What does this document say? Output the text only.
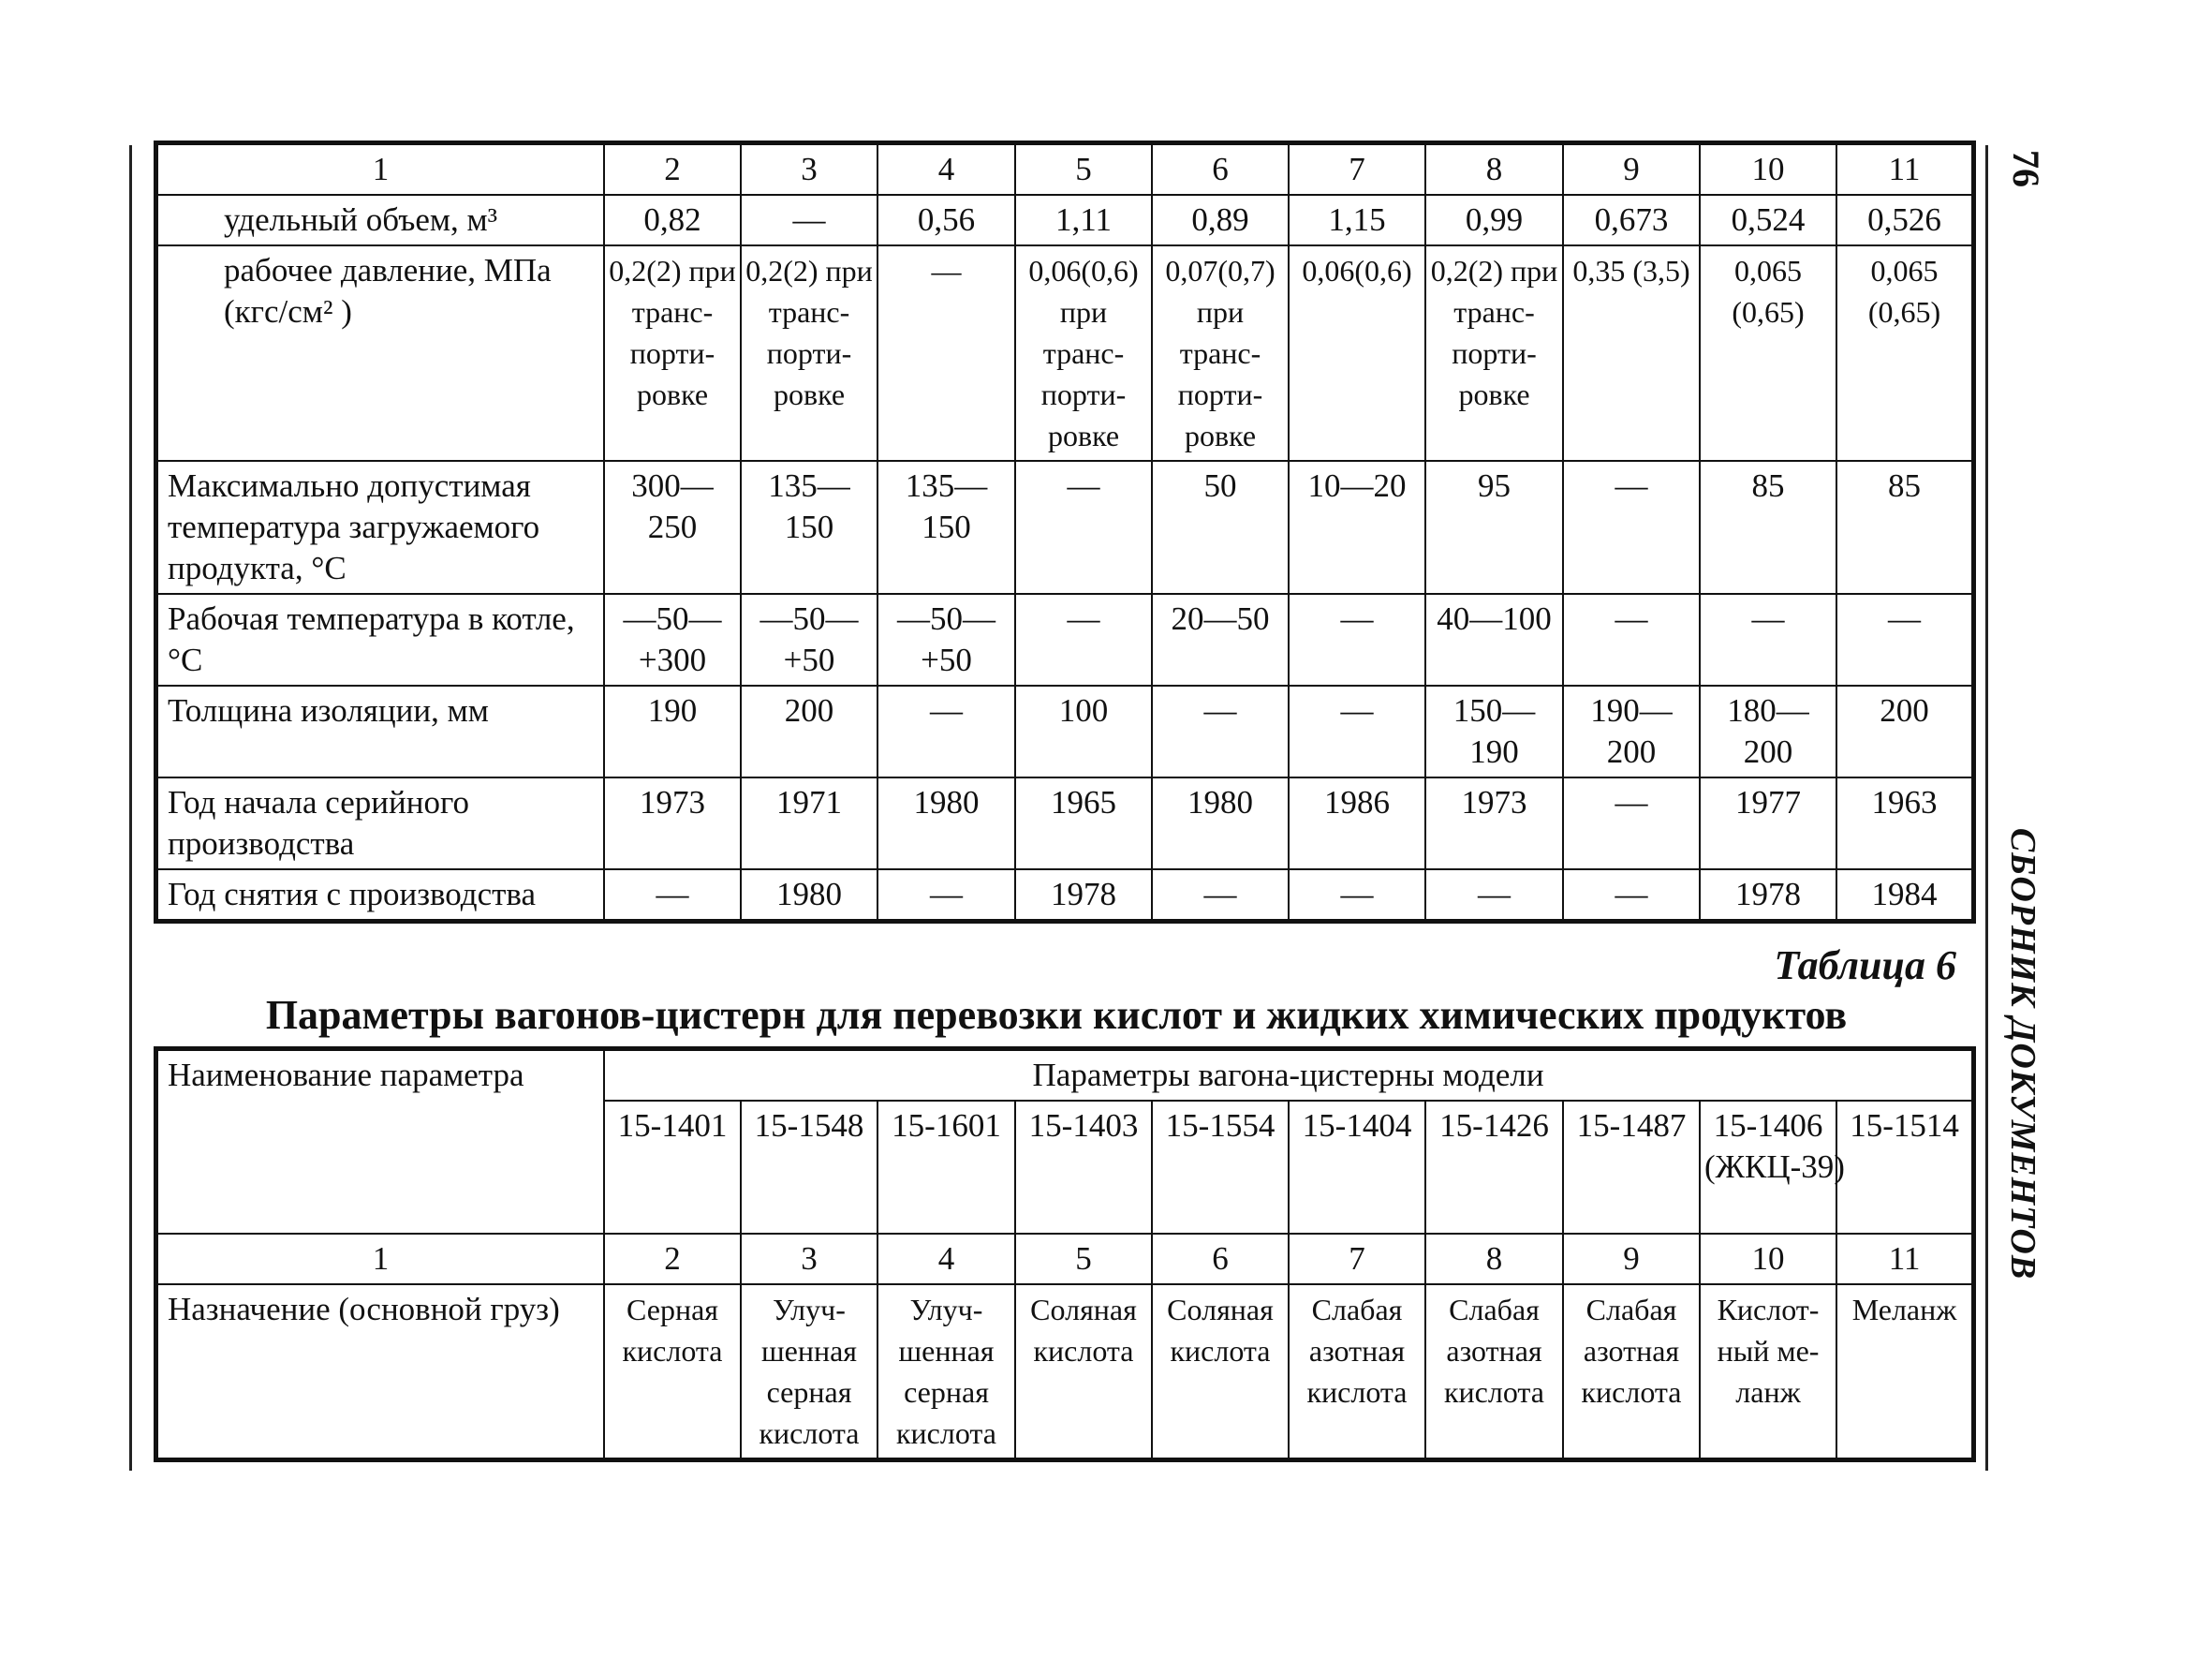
76
СБОРНИК ДОКУМЕНТОВ
1	2	3	4	5	6	7	8	9	10	11
удельный объем, м³	0,82	—	0,56	1,11	0,89	1,15	0,99	0,673	0,524	0,526
рабочее давление, МПа (кгс/см² )	0,2(2) при транс-порти-ровке	0,2(2) при транс-порти-ровке	—	0,06(0,6) при транс-порти-ровке	0,07(0,7) при транс-порти-ровке	0,06(0,6)	0,2(2) при транс-порти-ровке	0,35 (3,5)	0,065 (0,65)	0,065 (0,65)
Максимально допустимая температура загружаемого продукта, °С	300—250	135—150	135—150	—	50	10—20	95	—	85	85
Рабочая температура в котле, °С	—50—+300	—50—+50	—50—+50	—	20—50	—	40—100	—	—	—
Толщина изоляции, мм	190	200	—	100	—	—	150—190	190—200	180—200	200
Год начала серийного производства	1973	1971	1980	1965	1980	1986	1973	—	1977	1963
Год снятия с производства	—	1980	—	1978	—	—	—	—	1978	1984
Таблица 6
Параметры вагонов-цистерн для перевозки кислот и жидких химических продуктов
Наименование параметра	Параметры вагона-цистерны модели									
	15-1401	15-1548	15-1601	15-1403	15-1554	15-1404	15-1426	15-1487	15-1406 (ЖКЦ-39)	15-1514
1	2	3	4	5	6	7	8	9	10	11
Назначение (основной груз)	Серная кислота	Улуч-шенная серная кислота	Улуч-шенная серная кислота	Соляная кислота	Соляная кислота	Слабая азотная кислота	Слабая азотная кислота	Слабая азотная кислота	Кислот-ный ме-ланж	Меланж
